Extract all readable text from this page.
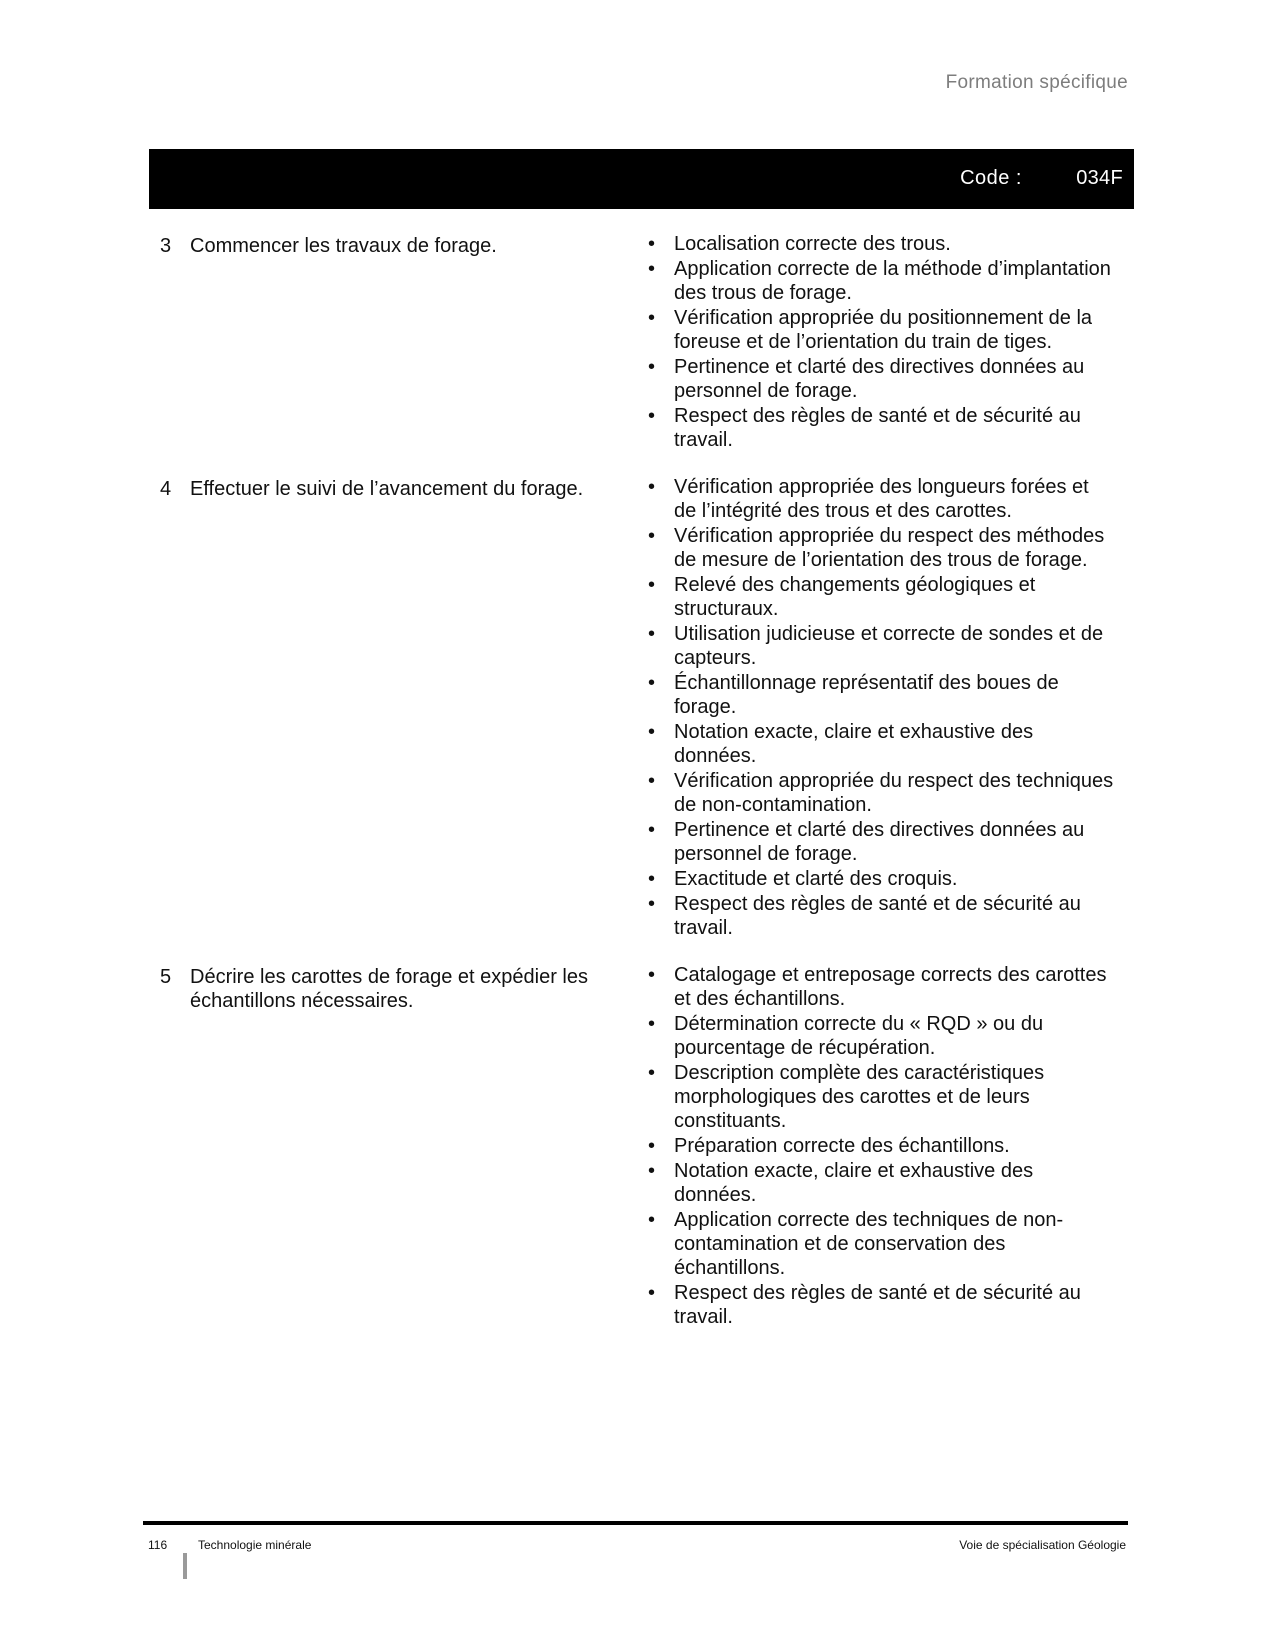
Formation spécifique
Code :	034F
3 Commencer les travaux de forage.	• Localisation correcte des trous.
• Application correcte de la méthode d’implantation des trous de forage.
• Vérification appropriée du positionnement de la foreuse et de l’orientation du train de tiges.
• Pertinence et clarté des directives données au personnel de forage.
• Respect des règles de santé et de sécurité au travail.
4 Effectuer le suivi de l’avancement du forage.	• Vérification appropriée des longueurs forées et de l’intégrité des trous et des carottes.
• Vérification appropriée du respect des méthodes de mesure de l’orientation des trous de forage.
• Relevé des changements géologiques et structuraux.
• Utilisation judicieuse et correcte de sondes et de capteurs.
• Échantillonnage représentatif des boues de forage.
• Notation exacte, claire et exhaustive des données.
• Vérification appropriée du respect des techniques de non-contamination.
• Pertinence et clarté des directives données au personnel de forage.
• Exactitude et clarté des croquis.
• Respect des règles de santé et de sécurité au travail.
5 Décrire les carottes de forage et expédier les échantillons nécessaires.
• Catalogage et entreposage corrects des carottes et des échantillons.
• Détermination correcte du « RQD » ou du pourcentage de récupération.
• Description complète des caractéristiques morphologiques des carottes et de leurs constituants.
• Préparation correcte des échantillons.
• Notation exacte, claire et exhaustive des données.
• Application correcte des techniques de non-contamination et de conservation des échantillons.
• Respect des règles de santé et de sécurité au travail.
116	Technologie minérale	Voie de spécialisation Géologie
